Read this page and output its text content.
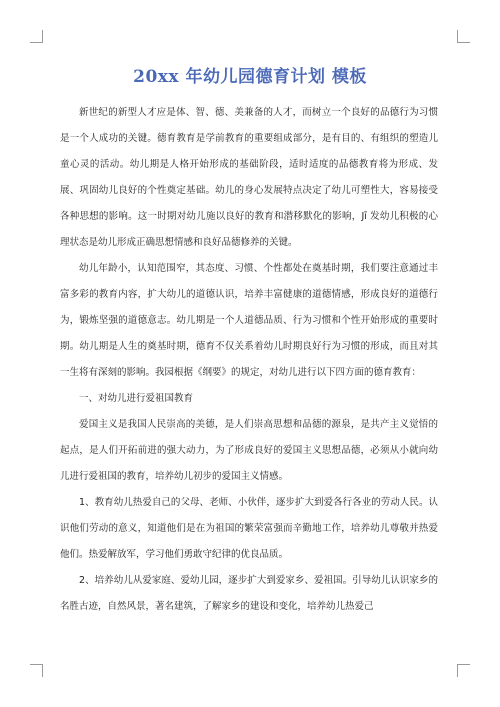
20xx 年幼儿园德育计划 模板

新世纪的新型人才应是体、智、德、美兼备的人才，而树立一个良好的品德行为习惯是一个人成功的关键。德育教育是学前教育的重要组成部分，是有目的、有组织的塑造儿童心灵的活动。幼儿期是人格开始形成的基础阶段，适时适度的品德教育将为形成、发展、巩固幼儿良好的个性奠定基础。幼儿的身心发展特点决定了幼儿可塑性大，容易接受各种思想的影响。这一时期对幼儿施以良好的教育和潜移默化的影响，Jī 发幼儿积极的心理状态是幼儿形成正确思想情感和良好品德修养的关键。

幼儿年龄小，认知范围窄，其态度、习惯、个性都处在奠基时期，我们要注意通过丰富多彩的教育内容，扩大幼儿的道德认识，培养丰富健康的道德情感，形成良好的道德行为，锻炼坚强的道德意志。幼儿期是一个人道德品质、行为习惯和个性开始形成的重要时期。幼儿期是人生的奠基时期，德育不仅关系着幼儿时期良好行为习惯的形成，而且对其一生将有深刻的影响。我园根据《纲要》的规定，对幼儿进行以下四方面的德育教育：

一、对幼儿进行爱祖国教育

爱国主义是我国人民崇高的美德，是人们崇高思想和品德的源泉，是共产主义觉悟的起点，是人们开拓前进的强大动力，为了形成良好的爱国主义思想品德，必须从小就向幼儿进行爱祖国的教育，培养幼儿初步的爱国主义情感。

1、教育幼儿热爱自己的父母、老师、小伙伴，逐步扩大到爱各行各业的劳动人民。认识他们劳动的意义，知道他们是在为祖国的繁荣富强而辛勤地工作，培养幼儿尊敬并热爱他们。热爱解放军，学习他们勇敢守纪律的优良品质。

2、培养幼儿从爱家庭、爱幼儿园，逐步扩大到爱家乡、爱祖国。引导幼儿认识家乡的名胜古迹，自然风景，著名建筑，了解家乡的建设和变化，培养幼儿热爱己
